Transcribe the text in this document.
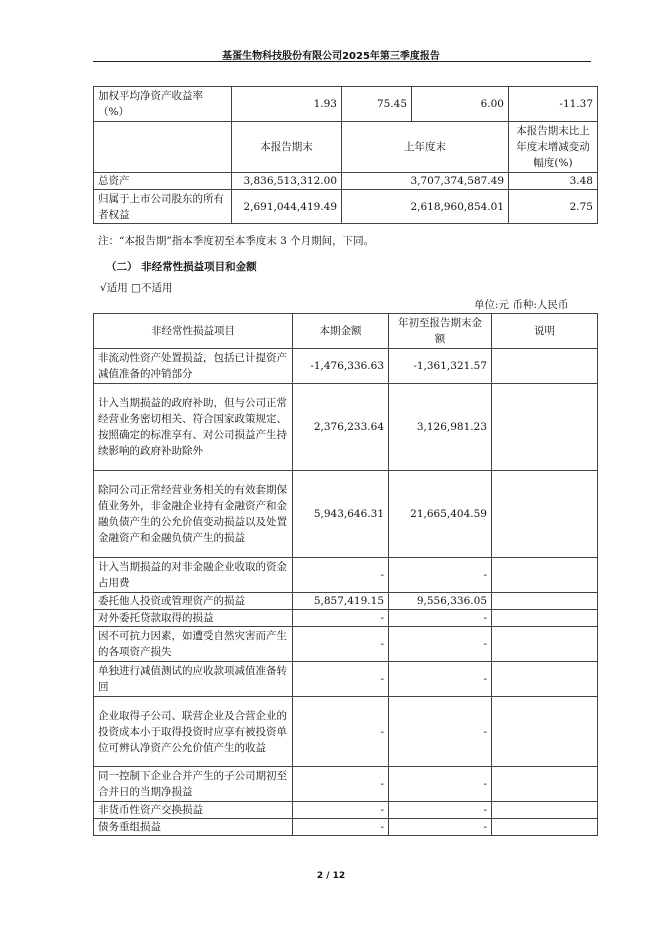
基蛋生物科技股份有限公司2025年第三季度报告
加权平均净资产收益率（%）	1.93	75.45	6.00	-11.37
	本报告期末	上年度末		本报告期末比上年度末增减变动幅度(%)
总资产	3,836,513,312.00	3,707,374,587.49		3.48
归属于上市公司股东的所有者权益	2,691,044,419.49	2,618,960,854.01		2.75
注：“本报告期”指本季度初至本季度末 3 个月期间，下同。
（二） 非经常性损益项目和金额
√适用 □不适用
单位:元 币种:人民币
非经常性损益项目	本期金额	年初至报告期末金额	说明
非流动性资产处置损益，包括已计提资产减值准备的冲销部分	-1,476,336.63	-1,361,321.57	
计入当期损益的政府补助，但与公司正常经营业务密切相关、符合国家政策规定、按照确定的标准享有、对公司损益产生持续影响的政府补助除外	2,376,233.64	3,126,981.23	
除同公司正常经营业务相关的有效套期保值业务外，非金融企业持有金融资产和金融负债产生的公允价值变动损益以及处置金融资产和金融负债产生的损益	5,943,646.31	21,665,404.59	
计入当期损益的对非金融企业收取的资金占用费	-	-	
委托他人投资或管理资产的损益	5,857,419.15	9,556,336.05	
对外委托贷款取得的损益	-	-	
因不可抗力因素，如遭受自然灾害而产生的各项资产损失	-	-	
单独进行减值测试的应收款项减值准备转回	-	-	
企业取得子公司、联营企业及合营企业的投资成本小于取得投资时应享有被投资单位可辨认净资产公允价值产生的收益	-	-	
同一控制下企业合并产生的子公司期初至合并日的当期净损益	-	-	
非货币性资产交换损益	-	-	
债务重组损益	-	-	
2 / 12
